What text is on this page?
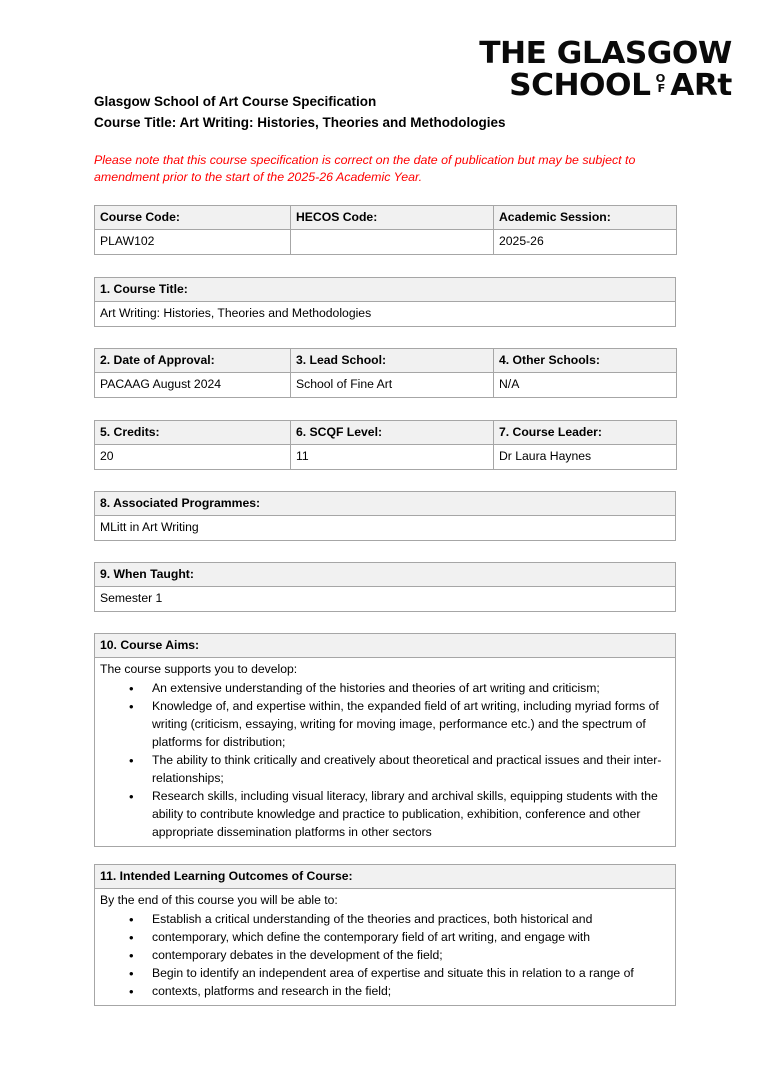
THE GLASGOW
SCHOOL O
F ARt
Glasgow School of Art Course Specification
Course Title: Art Writing: Histories, Theories and Methodologies
Please note that this course specification is correct on the date of publication but may be subject to amendment prior to the start of the 2025-26 Academic Year.
Course Code:	HECOS Code:	Academic Session:
PLAW102		2025-26
1. Course Title:
Art Writing: Histories, Theories and Methodologies
2. Date of Approval:	3. Lead School:	4. Other Schools:
PACAAG August 2024	School of Fine Art	N/A
5. Credits:	6. SCQF Level:	7. Course Leader:
20	11	Dr Laura Haynes
8. Associated Programmes:
MLitt in Art Writing
9. When Taught:
Semester 1
10. Course Aims:

The course supports you to develop:

• An extensive understanding of the histories and theories of art writing and criticism;
• Knowledge of, and expertise within, the expanded field of art writing, including myriad forms of writing (criticism, essaying, writing for moving image, performance etc.) and the spectrum of platforms for distribution;
• The ability to think critically and creatively about theoretical and practical issues and their inter-relationships;
• Research skills, including visual literacy, library and archival skills, equipping students with the ability to contribute knowledge and practice to publication, exhibition, conference and other appropriate dissemination platforms in other sectors
11. Intended Learning Outcomes of Course:

By the end of this course you will be able to:

• Establish a critical understanding of the theories and practices, both historical and
• contemporary, which define the contemporary field of art writing, and engage with
• contemporary debates in the development of the field;
• Begin to identify an independent area of expertise and situate this in relation to a range of
• contexts, platforms and research in the field;
